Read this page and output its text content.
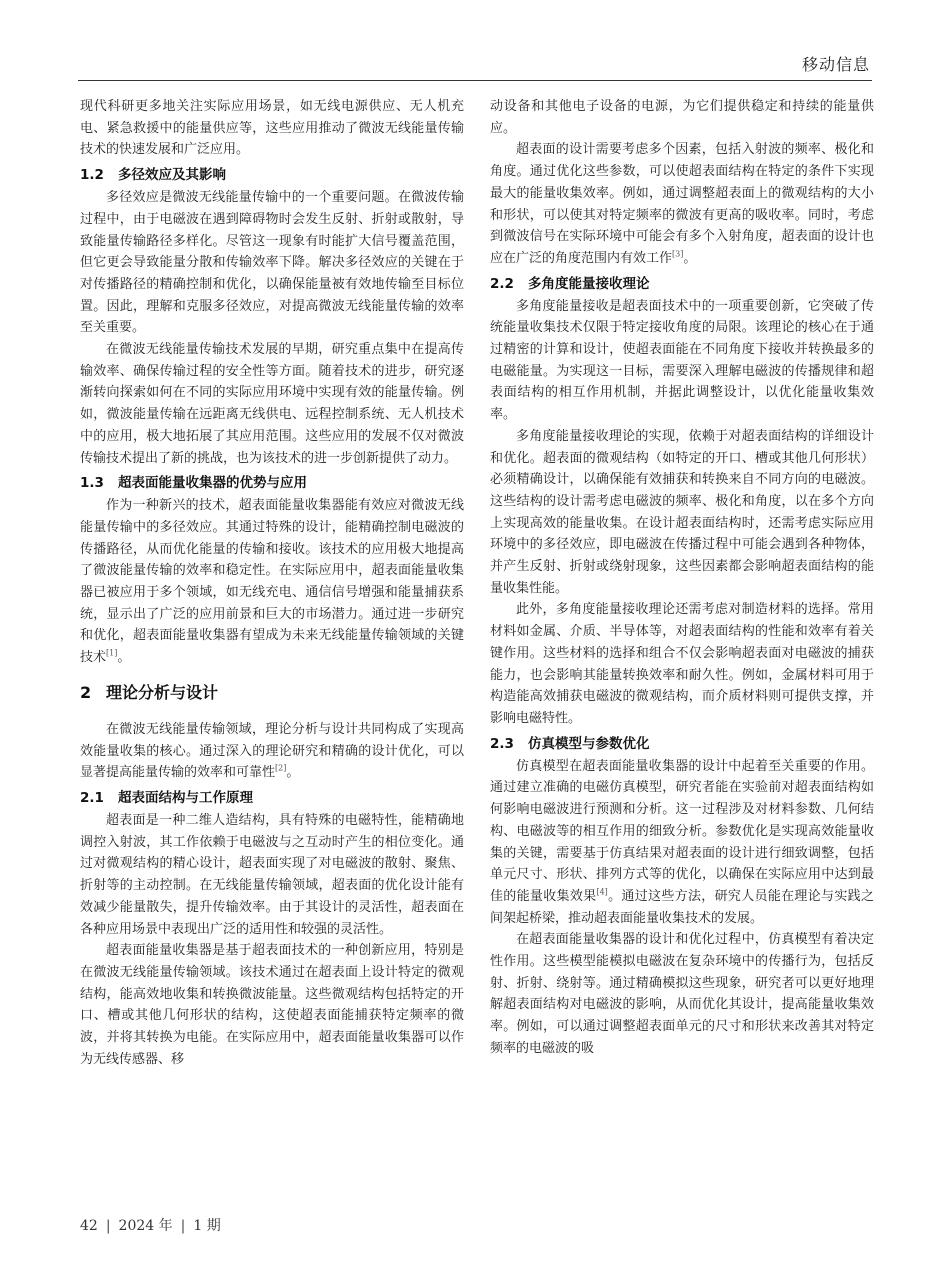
移动信息

现代科研更多地关注实际应用场景，如无线电源供应、无人机充电、紧急救援中的能量供应等，这些应用推动了微波无线能量传输技术的快速发展和广泛应用。

1.2 多径效应及其影响

多径效应是微波无线能量传输中的一个重要问题。在微波传输过程中，由于电磁波在遇到障碍物时会发生反射、折射或散射，导致能量传输路径多样化。尽管这一现象有时能扩大信号覆盖范围，但它更会导致能量分散和传输效率下降。解决多径效应的关键在于对传播路径的精确控制和优化，以确保能量被有效地传输至目标位置。因此，理解和克服多径效应，对提高微波无线能量传输的效率至关重要。

在微波无线能量传输技术发展的早期，研究重点集中在提高传输效率、确保传输过程的安全性等方面。随着技术的进步，研究逐渐转向探索如何在不同的实际应用环境中实现有效的能量传输。例如，微波能量传输在远距离无线供电、远程控制系统、无人机技术中的应用，极大地拓展了其应用范围。这些应用的发展不仅对微波传输技术提出了新的挑战，也为该技术的进一步创新提供了动力。

1.3 超表面能量收集器的优势与应用

作为一种新兴的技术，超表面能量收集器能有效应对微波无线能量传输中的多径效应。其通过特殊的设计，能精确控制电磁波的传播路径，从而优化能量的传输和接收。该技术的应用极大地提高了微波能量传输的效率和稳定性。在实际应用中，超表面能量收集器已被应用于多个领域，如无线充电、通信信号增强和能量捕获系统，显示出了广泛的应用前景和巨大的市场潜力。通过进一步研究和优化，超表面能量收集器有望成为未来无线能量传输领域的关键技术[1]。

2 理论分析与设计

在微波无线能量传输领域，理论分析与设计共同构成了实现高效能量收集的核心。通过深入的理论研究和精确的设计优化，可以显著提高能量传输的效率和可靠性[2]。

2.1 超表面结构与工作原理

超表面是一种二维人造结构，具有特殊的电磁特性，能精确地调控入射波，其工作依赖于电磁波与之互动时产生的相位变化。通过对微观结构的精心设计，超表面实现了对电磁波的散射、聚焦、折射等的主动控制。在无线能量传输领域，超表面的优化设计能有效减少能量散失，提升传输效率。由于其设计的灵活性，超表面在各种应用场景中表现出广泛的适用性和较强的灵活性。

超表面能量收集器是基于超表面技术的一种创新应用，特别是在微波无线能量传输领域。该技术通过在超表面上设计特定的微观结构，能高效地收集和转换微波能量。这些微观结构包括特定的开口、槽或其他几何形状的结构，这使超表面能捕获特定频率的微波，并将其转换为电能。在实际应用中，超表面能量收集器可以作为无线传感器、移

动设备和其他电子设备的电源，为它们提供稳定和持续的能量供应。

超表面的设计需要考虑多个因素，包括入射波的频率、极化和角度。通过优化这些参数，可以使超表面结构在特定的条件下实现最大的能量收集效率。例如，通过调整超表面上的微观结构的大小和形状，可以使其对特定频率的微波有更高的吸收率。同时，考虑到微波信号在实际环境中可能会有多个入射角度，超表面的设计也应在广泛的角度范围内有效工作[3]。

2.2 多角度能量接收理论

多角度能量接收是超表面技术中的一项重要创新，它突破了传统能量收集技术仅限于特定接收角度的局限。该理论的核心在于通过精密的计算和设计，使超表面能在不同角度下接收并转换最多的电磁能量。为实现这一目标，需要深入理解电磁波的传播规律和超表面结构的相互作用机制，并据此调整设计，以优化能量收集效率。

多角度能量接收理论的实现，依赖于对超表面结构的详细设计和优化。超表面的微观结构（如特定的开口、槽或其他几何形状）必须精确设计，以确保能有效捕获和转换来自不同方向的电磁波。这些结构的设计需考虑电磁波的频率、极化和角度，以在多个方向上实现高效的能量收集。在设计超表面结构时，还需考虑实际应用环境中的多径效应，即电磁波在传播过程中可能会遇到各种物体，并产生反射、折射或绕射现象，这些因素都会影响超表面结构的能量收集性能。

此外，多角度能量接收理论还需考虑对制造材料的选择。常用材料如金属、介质、半导体等，对超表面结构的性能和效率有着关键作用。这些材料的选择和组合不仅会影响超表面对电磁波的捕获能力，也会影响其能量转换效率和耐久性。例如，金属材料可用于构造能高效捕获电磁波的微观结构，而介质材料则可提供支撑，并影响电磁特性。

2.3 仿真模型与参数优化

仿真模型在超表面能量收集器的设计中起着至关重要的作用。通过建立准确的电磁仿真模型，研究者能在实验前对超表面结构如何影响电磁波进行预测和分析。这一过程涉及对材料参数、几何结构、电磁波等的相互作用的细致分析。参数优化是实现高效能量收集的关键，需要基于仿真结果对超表面的设计进行细致调整，包括单元尺寸、形状、排列方式等的优化，以确保在实际应用中达到最佳的能量收集效果[4]。通过这些方法，研究人员能在理论与实践之间架起桥梁，推动超表面能量收集技术的发展。

在超表面能量收集器的设计和优化过程中，仿真模型有着决定性作用。这些模型能模拟电磁波在复杂环境中的传播行为，包括反射、折射、绕射等。通过精确模拟这些现象，研究者可以更好地理解超表面结构对电磁波的影响，从而优化其设计，提高能量收集效率。例如，可以通过调整超表面单元的尺寸和形状来改善其对特定频率的电磁波的吸

42 | 2024 年 | 1 期
